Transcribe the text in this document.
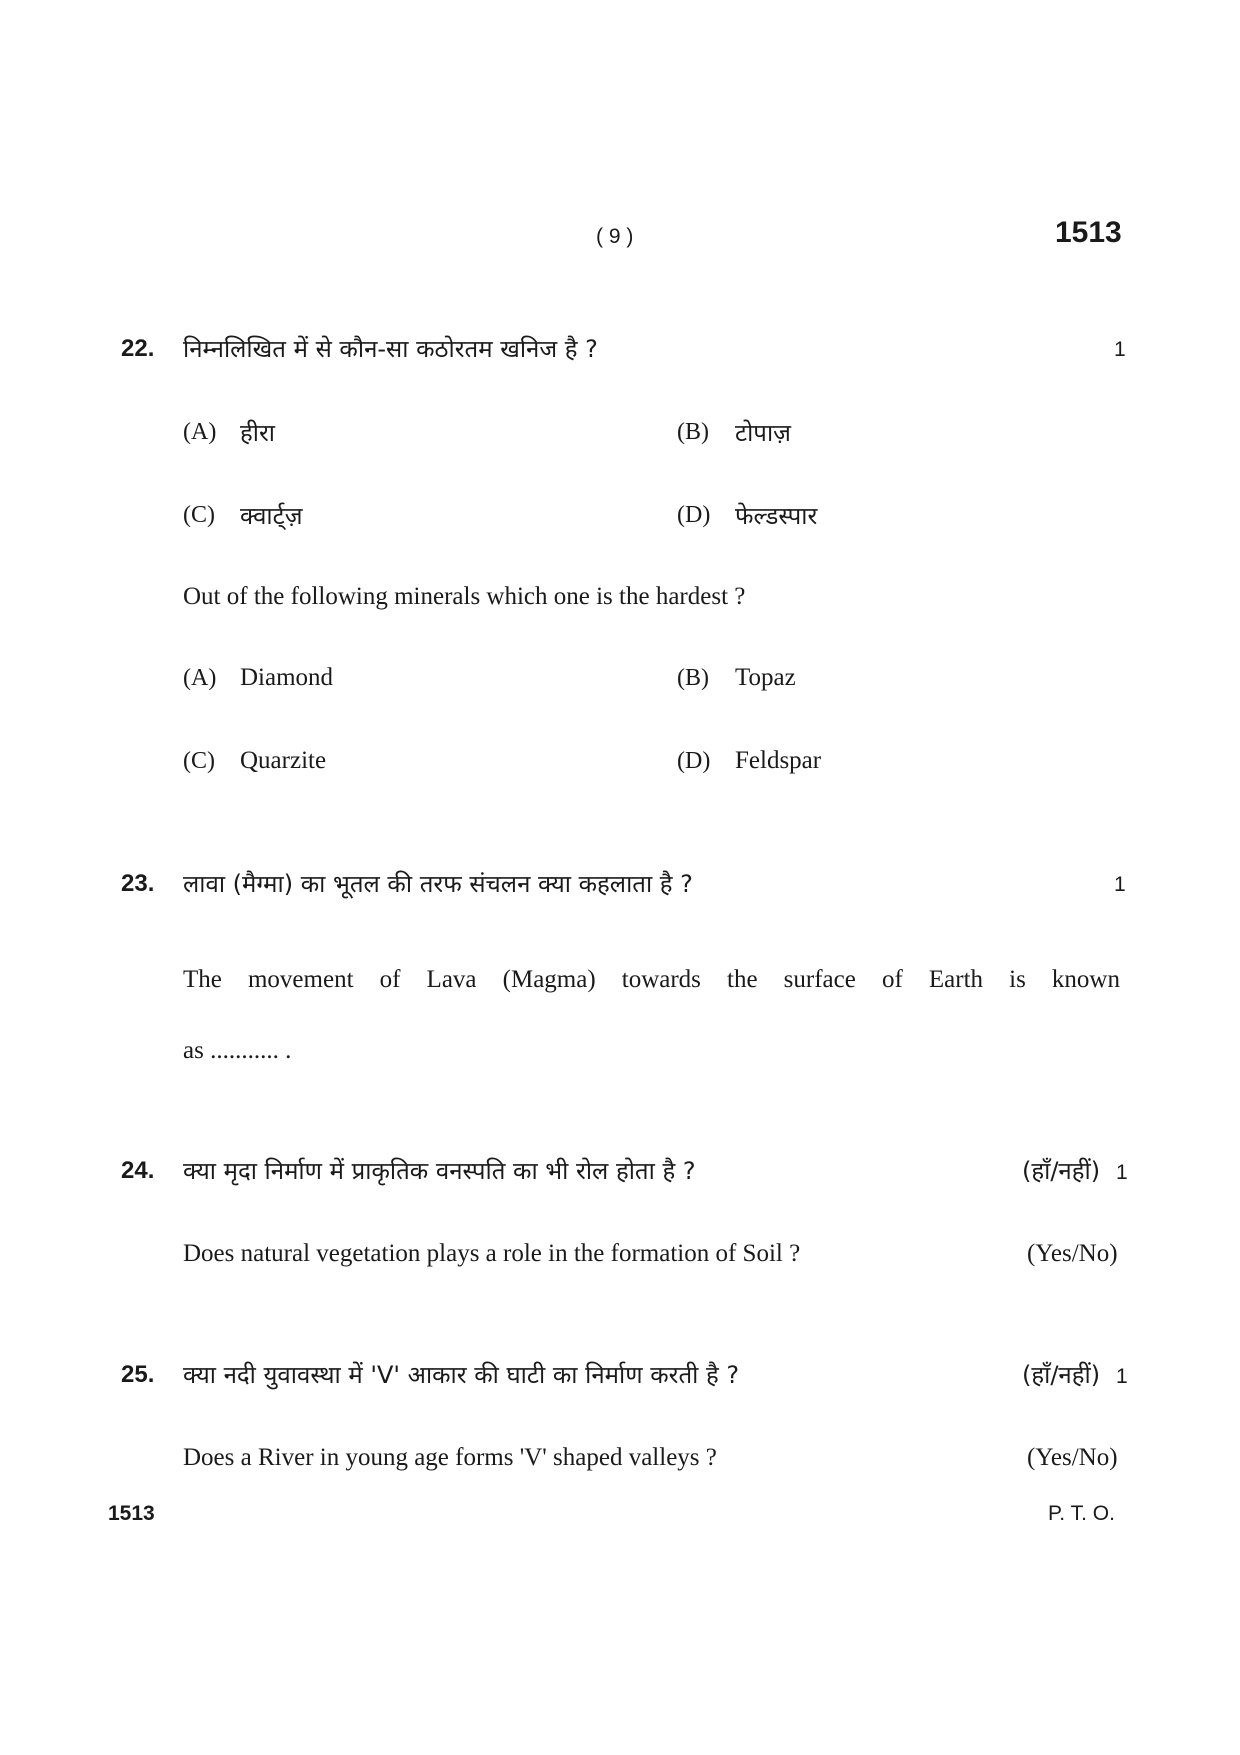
( 9 )	1513
22. निम्नलिखित में से कौन-सा कठोरतम खनिज है ?	1
(A) हीरा	(B) टोपाज़
(C) क्वार्ट्ज़	(D) फेल्डस्पार
Out of the following minerals which one is the hardest ?
(A) Diamond	(B) Topaz
(C) Quarzite	(D) Feldspar
23. लावा (मैग्मा) का भूतल की तरफ संचलन क्या कहलाता है ?	1
The movement of Lava (Magma) towards the surface of Earth is known
as ........... .
24. क्या मृदा निर्माण में प्राकृतिक वनस्पति का भी रोल होता है ?	(हाँ/नहीं) 1
Does natural vegetation plays a role in the formation of Soil ?	(Yes/No)
25. क्या नदी युवावस्था में 'V' आकार की घाटी का निर्माण करती है ?	(हाँ/नहीं) 1
Does a River in young age forms 'V' shaped valleys ?	(Yes/No)
1513	P. T. O.
